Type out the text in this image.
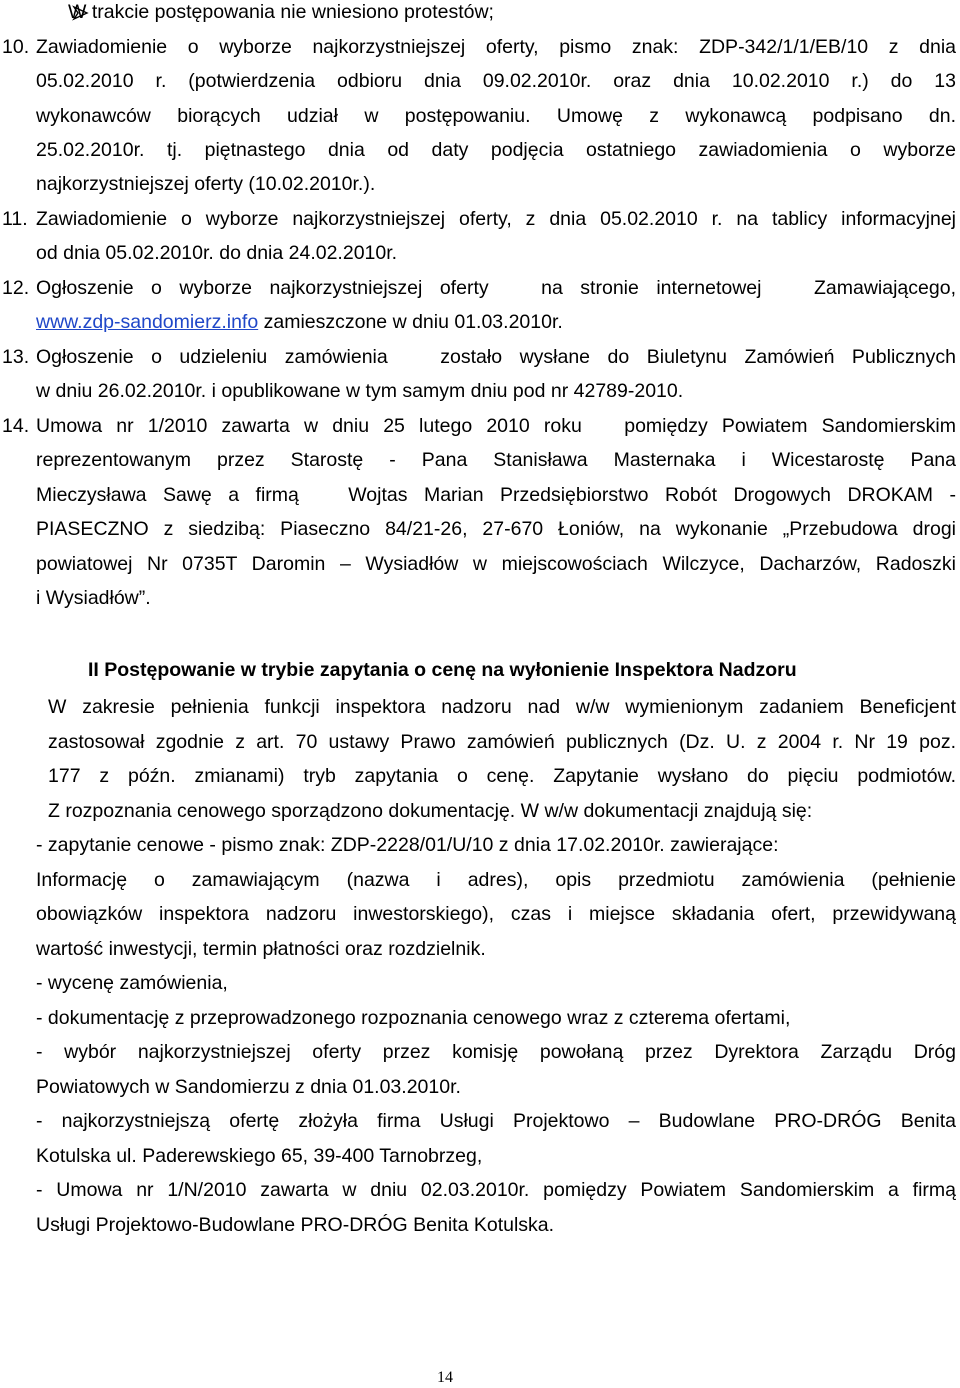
W trakcie postępowania nie wniesiono protestów;
10. Zawiadomienie o wyborze najkorzystniejszej oferty, pismo znak: ZDP-342/1/1/EB/10 z dnia
05.02.2010 r. (potwierdzenia odbioru dnia 09.02.2010r. oraz dnia 10.02.2010 r.) do 13
wykonawców biorących udział w postępowaniu. Umowę z wykonawcą podpisano dn.
25.02.2010r. tj. piętnastego dnia od daty podjęcia ostatniego zawiadomienia o wyborze
najkorzystniejszej oferty (10.02.2010r.).
11. Zawiadomienie o wyborze najkorzystniejszej oferty, z dnia 05.02.2010 r. na tablicy informacyjnej
od dnia 05.02.2010r. do dnia 24.02.2010r.
12. Ogłoszenie o wyborze najkorzystniejszej oferty   na stronie internetowej   Zamawiającego,
www.zdp-sandomierz.info zamieszczone w dniu 01.03.2010r.
13. Ogłoszenie o udzieleniu zamówienia   zostało wysłane do Biuletynu Zamówień Publicznych
w dniu 26.02.2010r. i opublikowane w tym samym dniu pod nr 42789-2010.
14. Umowa nr 1/2010 zawarta w dniu 25 lutego 2010 roku   pomiędzy Powiatem Sandomierskim
reprezentowanym przez Starostę - Pana Stanisława Masternaka i Wicestarostę Pana
Mieczysława Sawę a firmą   Wojtas Marian Przedsiębiorstwo Robót Drogowych DROKAM -
PIASECZNO z siedzibą: Piaseczno 84/21-26, 27-670 Łoniów, na wykonanie „Przebudowa drogi
powiatowej Nr 0735T Daromin – Wysiadłów w miejscowościach Wilczyce, Dacharzów, Radoszki
i Wysiadłów”.
II Postępowanie w trybie zapytania o cenę na wyłonienie Inspektora Nadzoru
W zakresie pełnienia funkcji inspektora nadzoru nad w/w wymienionym zadaniem Beneficjent
zastosował zgodnie z art. 70 ustawy Prawo zamówień publicznych (Dz. U. z 2004 r. Nr 19 poz.
177 z późn. zmianami) tryb zapytania o cenę. Zapytanie wysłano do pięciu podmiotów.
Z rozpoznania cenowego sporządzono dokumentację. W w/w dokumentacji znajdują się:
- zapytanie cenowe - pismo znak: ZDP-2228/01/U/10 z dnia 17.02.2010r. zawierające:
Informację o zamawiającym (nazwa i adres), opis przedmiotu zamówienia (pełnienie
obowiązków inspektora nadzoru inwestorskiego), czas i miejsce składania ofert, przewidywaną
wartość inwestycji, termin płatności oraz rozdzielnik.
- wycenę zamówienia,
- dokumentację z przeprowadzonego rozpoznania cenowego wraz z czterema ofertami,
- wybór najkorzystniejszej oferty przez komisję powołaną przez Dyrektora Zarządu Dróg
Powiatowych w Sandomierzu z dnia 01.03.2010r.
- najkorzystniejszą ofertę złożyła firma Usługi Projektowo – Budowlane PRO-DRÓG Benita
Kotulska ul. Paderewskiego 65, 39-400 Tarnobrzeg,
- Umowa nr 1/N/2010 zawarta w dniu 02.03.2010r. pomiędzy Powiatem Sandomierskim a firmą
Usługi Projektowo-Budowlane PRO-DRÓG Benita Kotulska.
14
